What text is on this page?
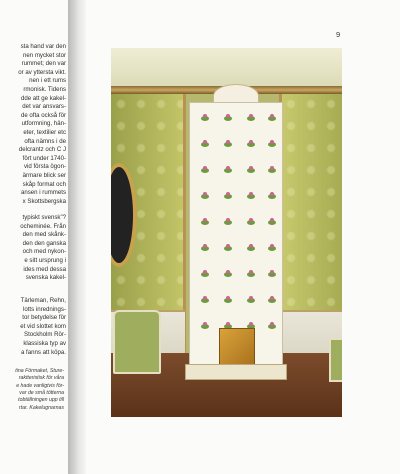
sta hand var den
nen mycket stor
rummet; den var
or av yttersta vikt.
nen i ett rums
rmonisk. Tidens
dde att ge kakel-
det var ansvars-
de ofta också för
utformning, hän-
eter, textilier etc
ofta nämns i de
delcrantz och C J
fört under 1740-
vid första ögon-
ärmare blick ser
skåp format och
ansen i rummets
x Skottsbergska
typiskt svensk"?
ocheminée. Från
den med skånk-
den den ganska
och med nykon-
e sitt ursprung i
ides med dessa
svenska kakel-
Tärleman, Rehn,
lotts inrednings-
tor betydelse för
et vid slottet kom
Stockholm Rör-
klassiska typ av
a fanns att köpa.
tina Förmaket, Sture-
raktteristisk för våra
e hade vanligtvis för-
var de små tötterna
tobtällningen upp till
rtar. Kakelugnarnas
9
